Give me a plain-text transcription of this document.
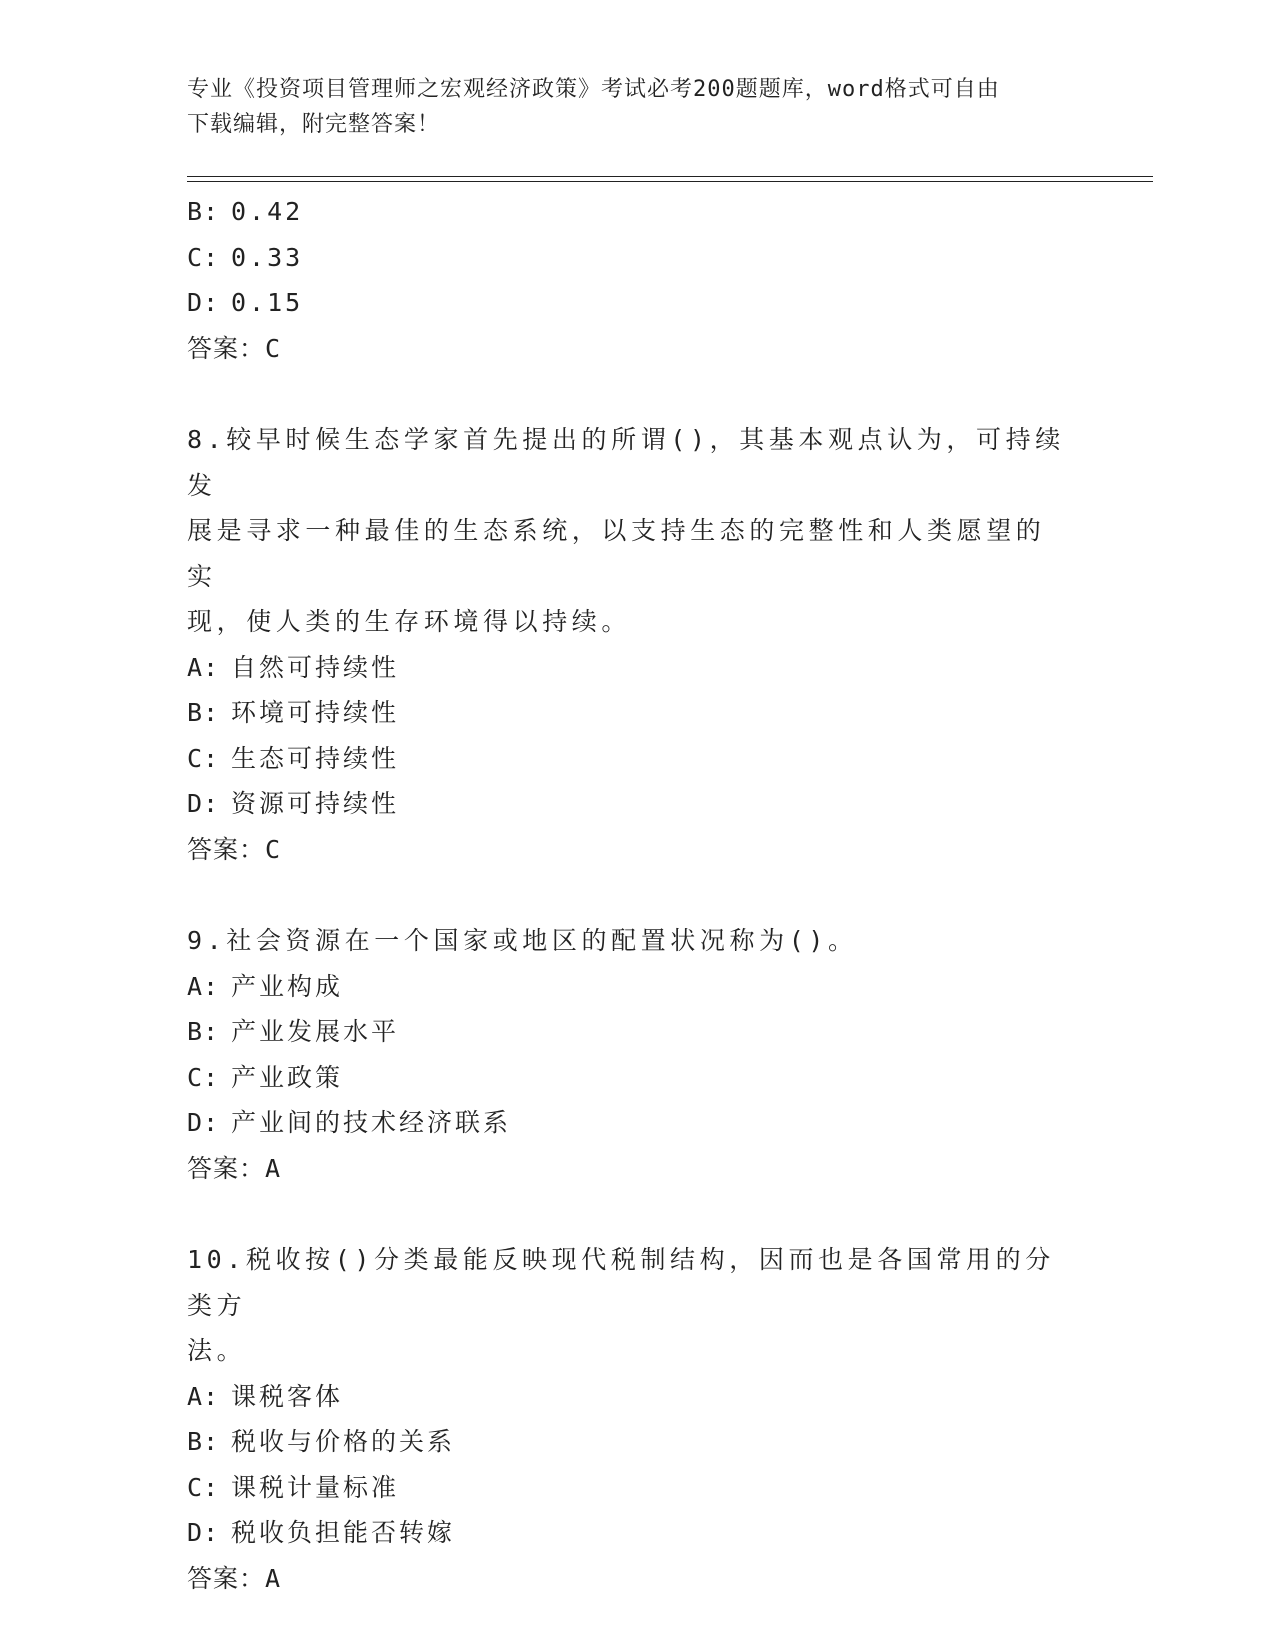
专业《投资项目管理师之宏观经济政策》考试必考200题题库，word格式可自由
下载编辑，附完整答案！
B: 0.42
C: 0.33
D: 0.15
答案：C
8.较早时候生态学家首先提出的所谓()，其基本观点认为，可持续发
展是寻求一种最佳的生态系统，以支持生态的完整性和人类愿望的实
现，使人类的生存环境得以持续。
A: 自然可持续性
B: 环境可持续性
C: 生态可持续性
D: 资源可持续性
答案：C
9.社会资源在一个国家或地区的配置状况称为()。
A: 产业构成
B: 产业发展水平
C: 产业政策
D: 产业间的技术经济联系
答案：A
10.税收按()分类最能反映现代税制结构，因而也是各国常用的分类方
法。
A: 课税客体
B: 税收与价格的关系
C: 课税计量标准
D: 税收负担能否转嫁
答案：A
